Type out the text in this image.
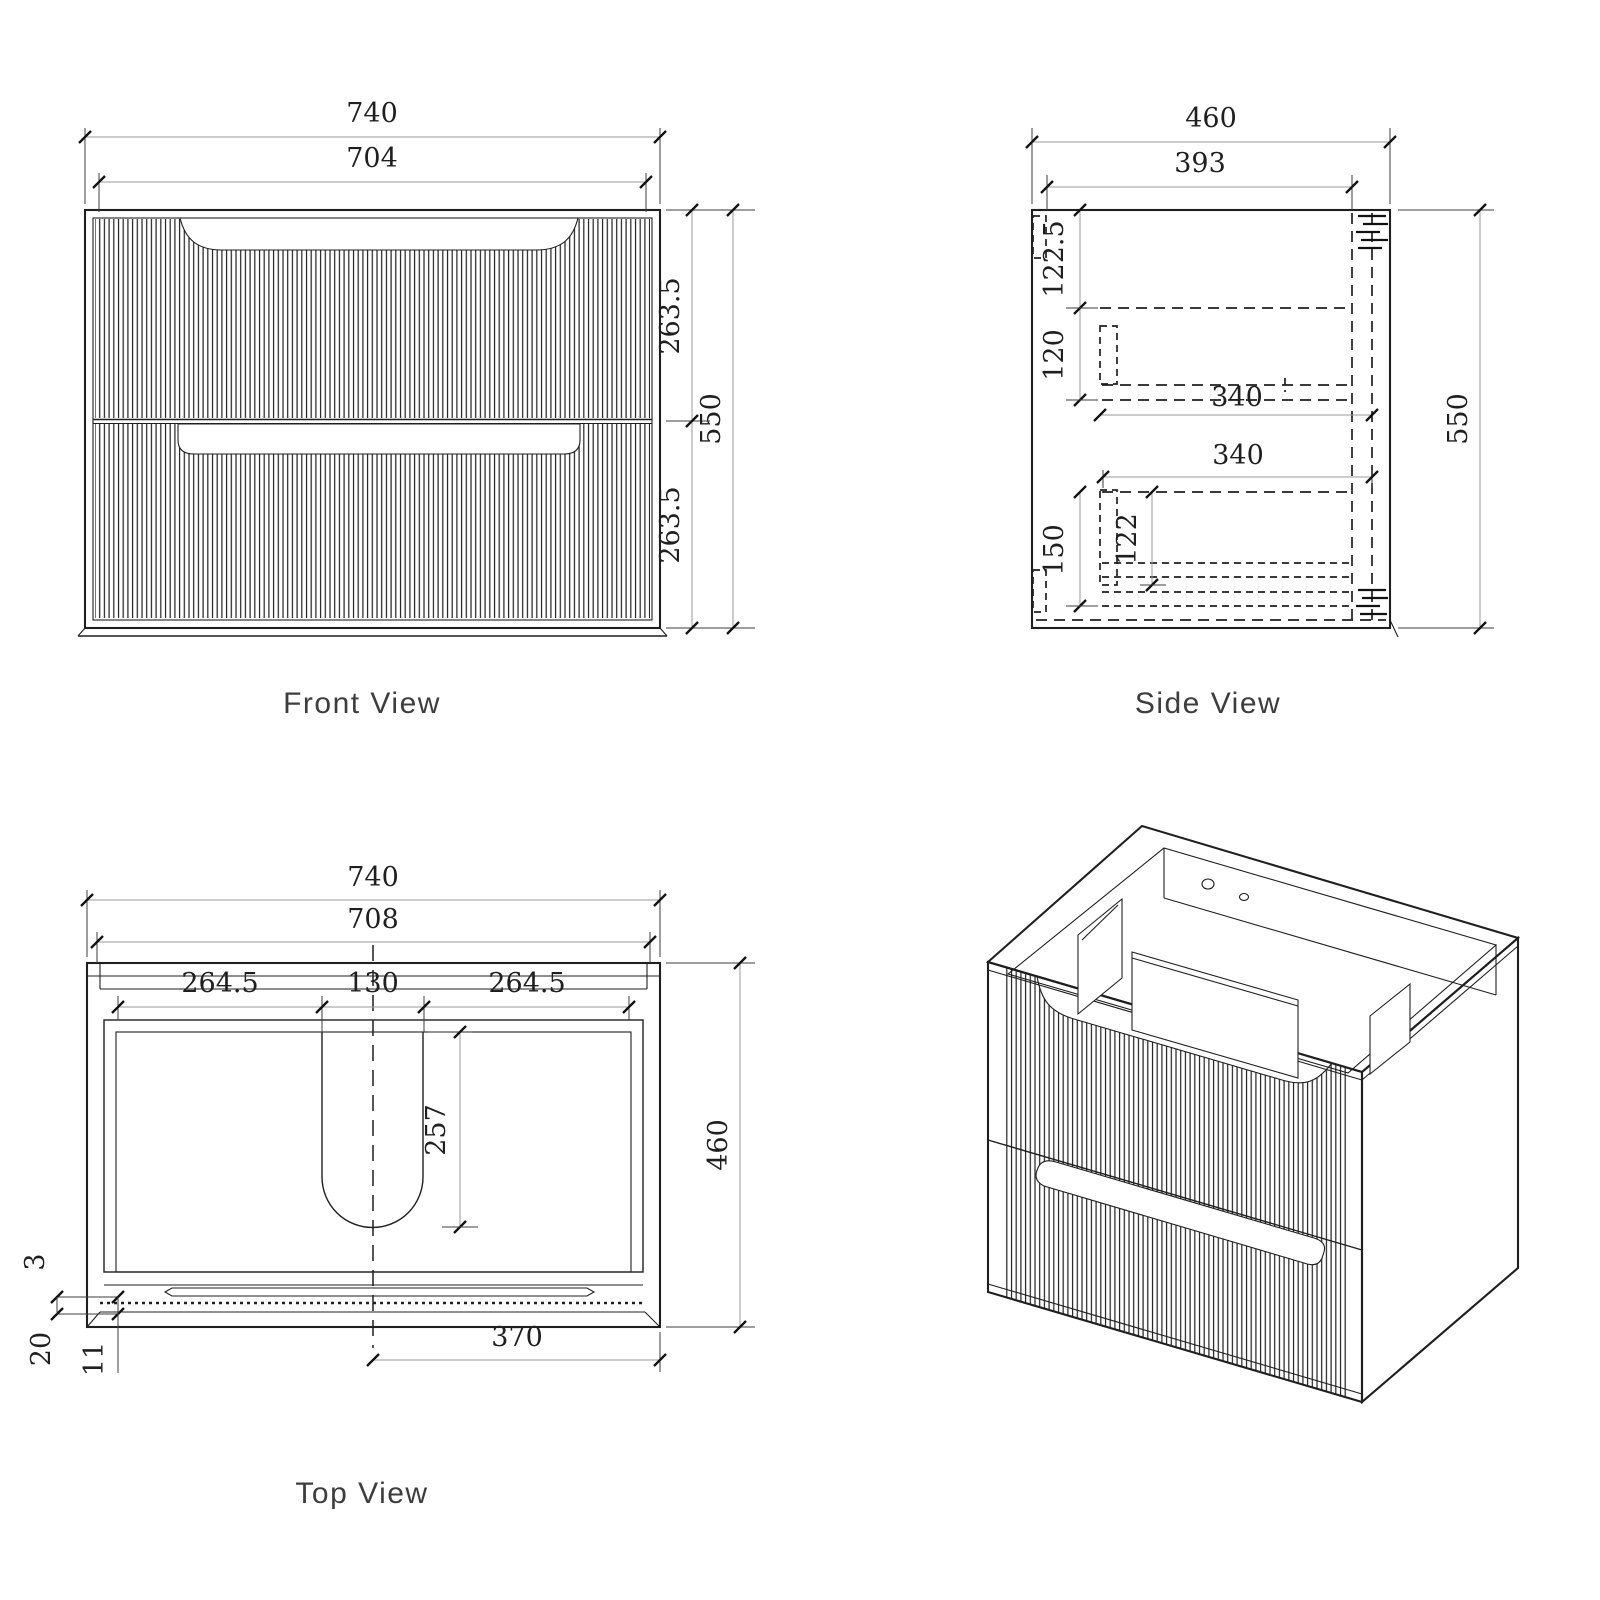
740
704
263.5
263.5
550
Front View
460
393
122.5
120
340
340
150 122
550
Side View
740
708
264.5	130	264.5
257
3
20 11
370
460
Top View
